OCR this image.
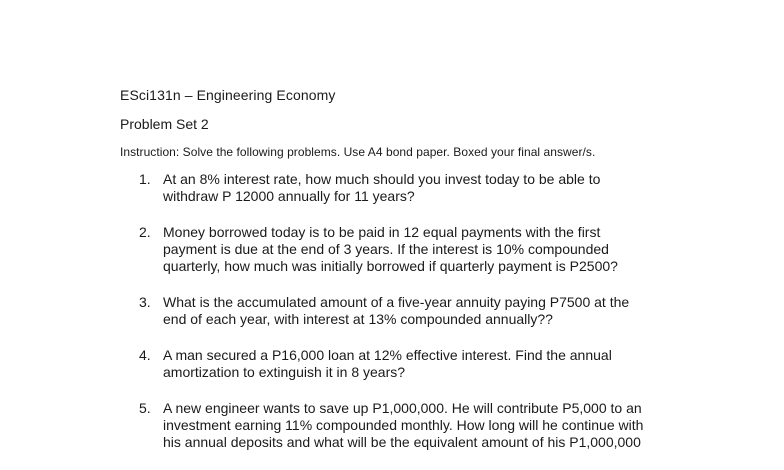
ESci131n – Engineering Economy
Problem Set 2
Instruction: Solve the following problems. Use A4 bond paper. Boxed your final answer/s.
1. At an 8% interest rate, how much should you invest today to be able to
withdraw P 12000 annually for 11 years?
2. Money borrowed today is to be paid in 12 equal payments with the first
payment is due at the end of 3 years. If the interest is 10% compounded
quarterly, how much was initially borrowed if quarterly payment is P2500?
3. What is the accumulated amount of a five-year annuity paying P7500 at the
end of each year, with interest at 13% compounded annually??
4. A man secured a P16,000 loan at 12% effective interest. Find the annual
amortization to extinguish it in 8 years?
5. A new engineer wants to save up P1,000,000. He will contribute P5,000 to an
investment earning 11% compounded monthly. How long will he continue with
his annual deposits and what will be the equivalent amount of his P1,000,000
